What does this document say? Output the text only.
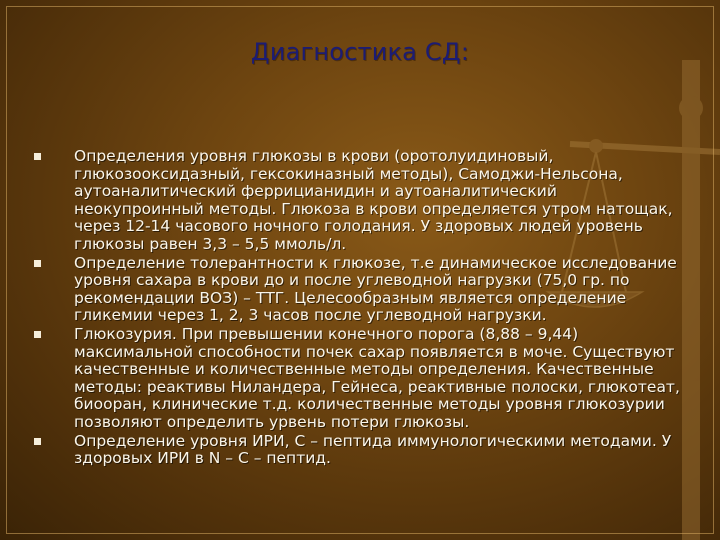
Диагностика СД:
Определения уровня глюкозы в крови (оротолуидиновый, глюкозооксидазный, гексокиназный методы), Самоджи-Нельсона, аутоаналитический феррицианидин и аутоаналитический неокупроинный методы. Глюкоза в крови определяется утром натощак, через 12-14 часового ночного голодания. У здоровых людей уровень глюкозы равен 3,3 – 5,5 ммоль/л.
Определение толерантности к глюкозе, т.е динамическое исследование уровня сахара в крови до и после углеводной нагрузки (75,0 гр. по рекомендации ВОЗ) – ТТГ. Целесообразным является определение гликемии через 1, 2, 3 часов после углеводной нагрузки.
Глюкозурия. При превышении конечного порога (8,88 – 9,44) максимальной способности почек сахар появляется в моче. Существуют качественные и количественные методы определения. Качественные методы: реактивы Ниландера, Гейнеса, реактивные полоски, глюкотеат, биооран, клинические т.д. количественные методы уровня глюкозурии позволяют определить урвень потери глюкозы.
Определение уровня ИРИ, С – пептида иммунологическими методами. У здоровых ИРИ в N – С – пептид.
